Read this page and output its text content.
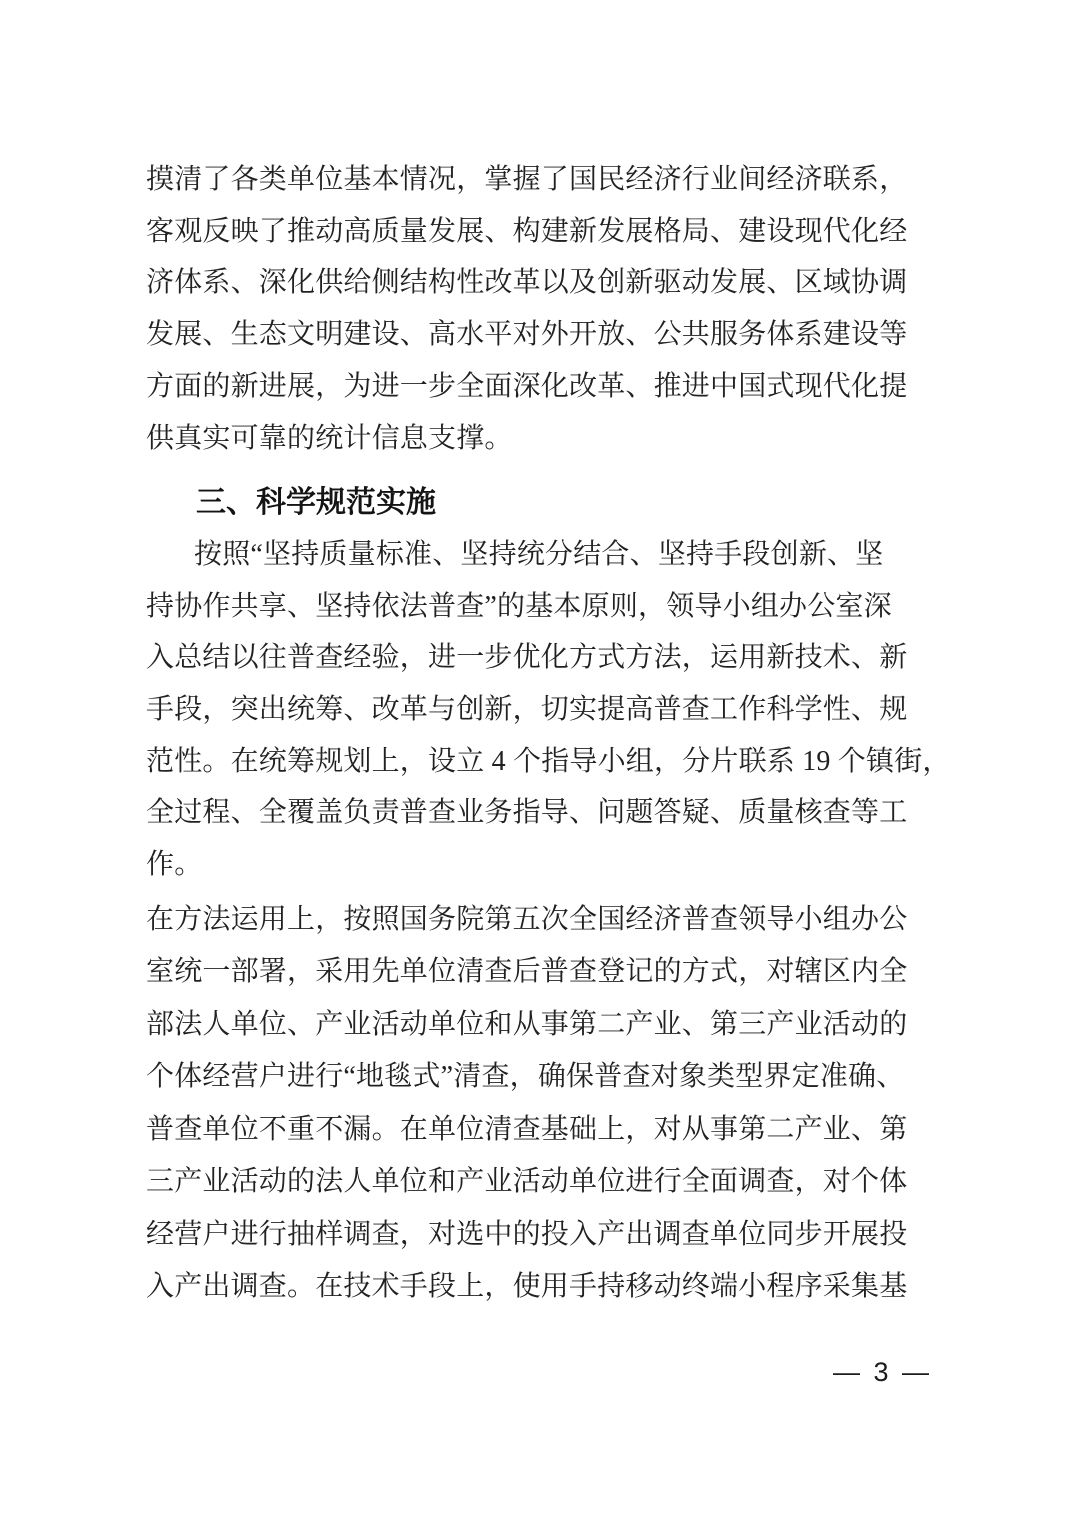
摸清了各类单位基本情况，掌握了国民经济行业间经济联系，
客观反映了推动高质量发展、构建新发展格局、建设现代化经
济体系、深化供给侧结构性改革以及创新驱动发展、区域协调
发展、生态文明建设、高水平对外开放、公共服务体系建设等
方面的新进展，为进一步全面深化改革、推进中国式现代化提
供真实可靠的统计信息支撑。
三、科学规范实施
按照“坚持质量标准、坚持统分结合、坚持手段创新、坚
持协作共享、坚持依法普查”的基本原则，领导小组办公室深
入总结以往普查经验，进一步优化方式方法，运用新技术、新
手段，突出统筹、改革与创新，切实提高普查工作科学性、规
范性。在统筹规划上，设立 4 个指导小组，分片联系 19 个镇街，
全过程、全覆盖负责普查业务指导、问题答疑、质量核查等工
作。
在方法运用上，按照国务院第五次全国经济普查领导小组办公
室统一部署，采用先单位清查后普查登记的方式，对辖区内全
部法人单位、产业活动单位和从事第二产业、第三产业活动的
个体经营户进行“地毯式”清查，确保普查对象类型界定准确、
普查单位不重不漏。在单位清查基础上，对从事第二产业、第
三产业活动的法人单位和产业活动单位进行全面调查，对个体
经营户进行抽样调查，对选中的投入产出调查单位同步开展投
入产出调查。在技术手段上，使用手持移动终端小程序采集基
— 3 —
